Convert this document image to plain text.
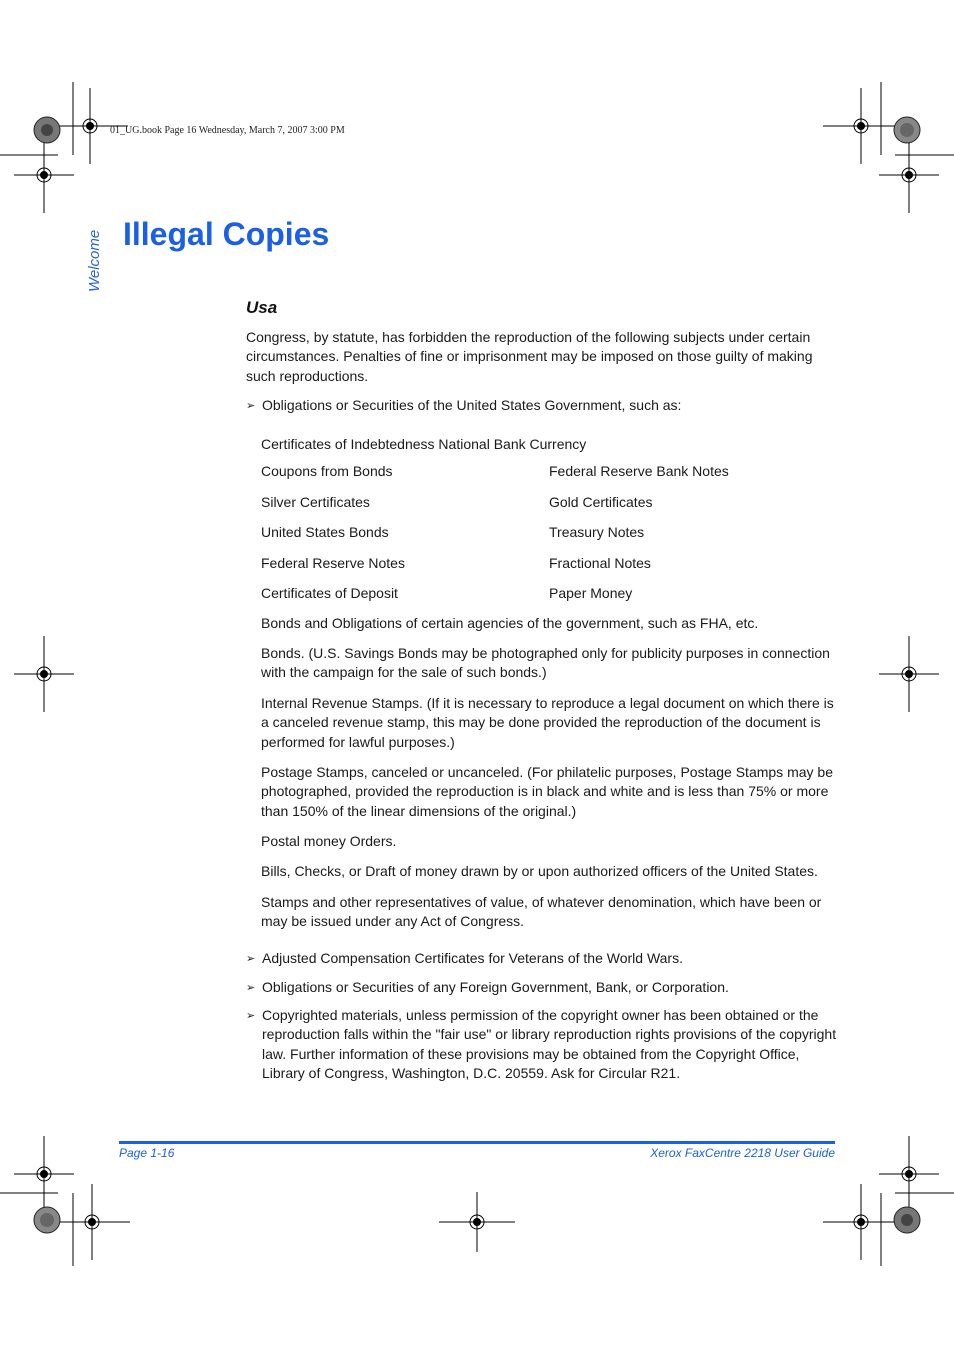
01_UG.book Page 16 Wednesday, March 7, 2007 3:00 PM
Welcome Illegal Copies
Usa

Congress, by statute, has forbidden the reproduction of the following subjects under certain circumstances. Penalties of fine or imprisonment may be imposed on those guilty of making such reproductions.

➢ Obligations or Securities of the United States Government, such as:

Certificates of Indebtedness National Bank Currency
Coupons from Bonds	Federal Reserve Bank Notes
Silver Certificates	Gold Certificates
United States Bonds	Treasury Notes
Federal Reserve Notes	Fractional Notes
Certificates of Deposit	Paper Money

Bonds and Obligations of certain agencies of the government, such as FHA, etc.

Bonds. (U.S. Savings Bonds may be photographed only for publicity purposes in connection with the campaign for the sale of such bonds.)

Internal Revenue Stamps. (If it is necessary to reproduce a legal document on which there is a canceled revenue stamp, this may be done provided the reproduction of the document is performed for lawful purposes.)

Postage Stamps, canceled or uncanceled. (For philatelic purposes, Postage Stamps may be photographed, provided the reproduction is in black and white and is less than 75% or more than 150% of the linear dimensions of the original.)

Postal money Orders.

Bills, Checks, or Draft of money drawn by or upon authorized officers of the United States.

Stamps and other representatives of value, of whatever denomination, which have been or may be issued under any Act of Congress.

➢ Adjusted Compensation Certificates for Veterans of the World Wars.

➢ Obligations or Securities of any Foreign Government, Bank, or Corporation.

➢ Copyrighted materials, unless permission of the copyright owner has been obtained or the reproduction falls within the "fair use" or library reproduction rights provisions of the copyright law. Further information of these provisions may be obtained from the Copyright Office, Library of Congress, Washington, D.C. 20559. Ask for Circular R21.

Page 1-16	Xerox FaxCentre 2218 User Guide
